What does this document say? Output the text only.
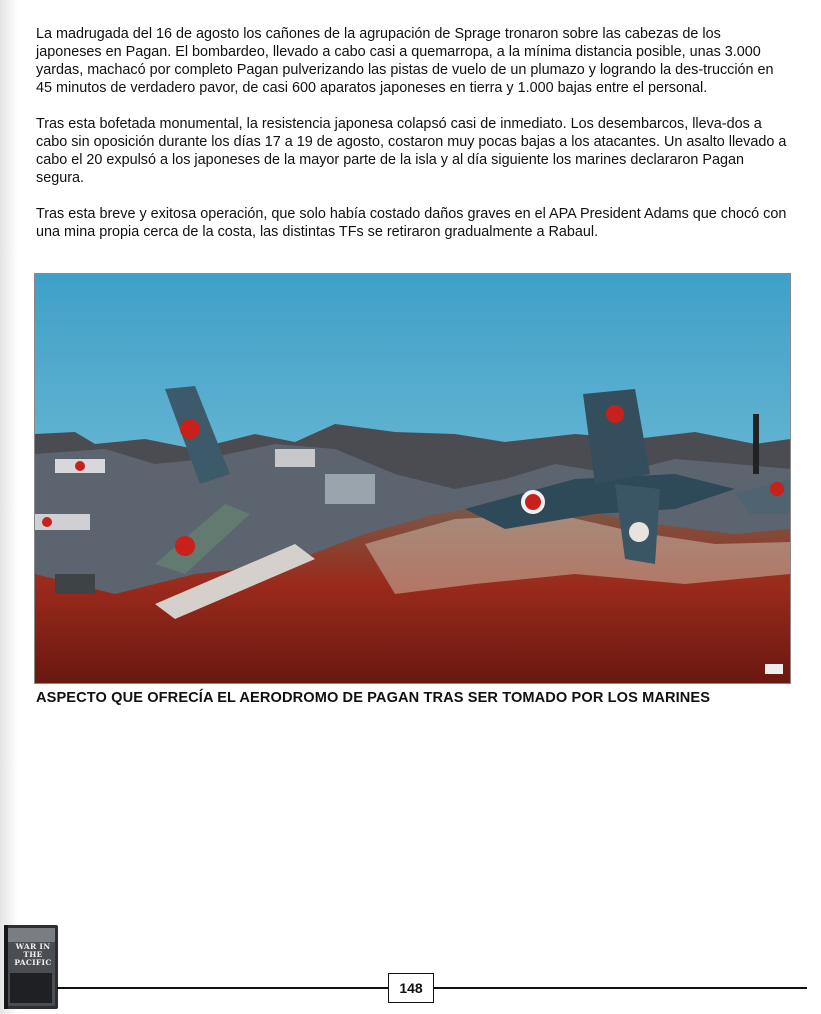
La madrugada del 16 de agosto los cañones de la agrupación de Sprage tronaron sobre las cabezas de los japoneses en Pagan. El bombardeo, llevado a cabo casi a quemarropa, a la mínima distancia posible, unas 3.000 yardas, machacó por completo Pagan pulverizando las pistas de vuelo de un plumazo y logrando la des-trucción en 45 minutos de verdadero pavor, de casi 600 aparatos japoneses en tierra y 1.000 bajas entre el personal.

Tras esta bofetada monumental, la resistencia japonesa colapsó casi de inmediato. Los desembarcos, lleva-dos a cabo sin oposición durante los días 17 a 19 de agosto, costaron muy pocas bajas a los atacantes. Un asalto llevado a cabo el 20 expulsó a los japoneses de la mayor parte de la isla y al día siguiente los marines declararon Pagan segura.

Tras esta breve y exitosa operación, que solo había costado daños graves en el APA President Adams que chocó con una mina propia cerca de la costa, las distintas TFs se retiraron gradualmente a Rabaul.

ASPECTO QUE OFRECÍA EL AERODROMO DE PAGAN TRAS SER TOMADO POR LOS MARINES
WAR IN THE PACIFIC
148
